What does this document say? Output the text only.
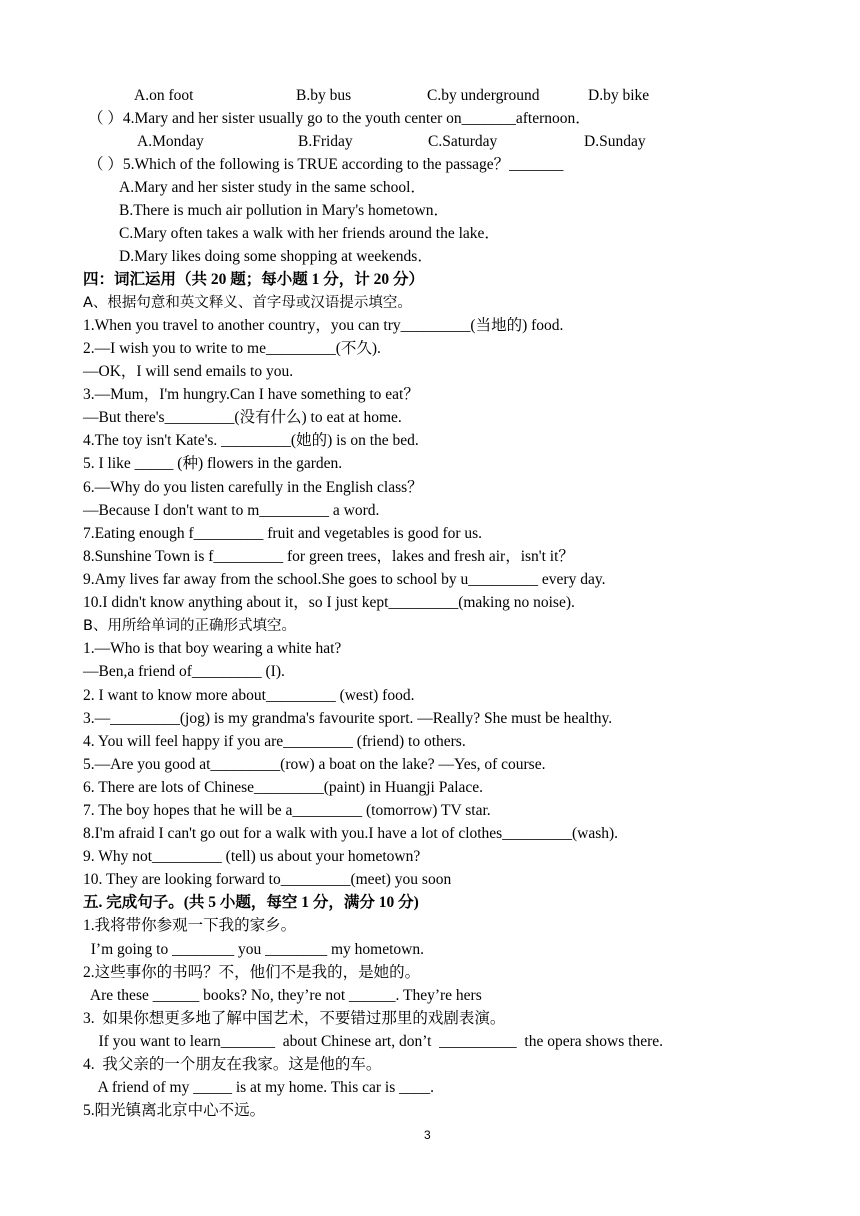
A.on foot	B.by bus	C.by underground	D.by bike
（ ）4.Mary and her sister usually go to the youth center on_______afternoon．
A.Monday	B.Friday	C.Saturday	D.Sunday
（ ）5.Which of the following is TRUE according to the passage？_______
A.Mary and her sister study in the same school．
B.There is much air pollution in Mary's hometown．
C.Mary often takes a walk with her friends around the lake．
D.Mary likes doing some shopping at weekends．
四：词汇运用（共 20 题；每小题 1 分，计 20 分）
A、根据句意和英文释义、首字母或汉语提示填空。
1.When you travel to another country，you can try_________(当地的) food.
2.—I wish you to write to me_________(不久).
—OK，I will send emails to you.
3.—Mum，I'm hungry.Can I have something to eat？
—But there's_________(没有什么) to eat at home.
4.The toy isn't Kate's. _________(她的) is on the bed.
5. I like _____ (种) flowers in the garden.
6.—Why do you listen carefully in the English class？
—Because I don't want to m_________ a word.
7.Eating enough f_________ fruit and vegetables is good for us.
8.Sunshine Town is f_________ for green trees，lakes and fresh air，isn't it？
9.Amy lives far away from the school.She goes to school by u_________ every day.
10.I didn't know anything about it，so I just kept_________(making no noise).
B、用所给单词的正确形式填空。
1.—Who is that boy wearing a white hat?
—Ben,a friend of_________ (I).
2. I want to know more about_________ (west) food.
3.—_________(jog) is my grandma's favourite sport. —Really? She must be healthy.
4. You will feel happy if you are_________ (friend) to others.
5.—Are you good at_________(row) a boat on the lake? —Yes, of course.
6. There are lots of Chinese_________(paint) in Huangji Palace.
7. The boy hopes that he will be a_________ (tomorrow) TV star.
8.I'm afraid I can't go out for a walk with you.I have a lot of clothes_________(wash).
9. Why not_________ (tell) us about your hometown?
10. They are looking forward to_________(meet) you soon
五. 完成句子。(共 5 小题，每空 1 分，满分 10 分)
1.我将带你参观一下我的家乡。
I’m going to ________ you ________ my hometown.
2.这些事你的书吗？不，他们不是我的，是她的。
Are these ______ books? No, they’re not ______. They’re hers
3.  如果你想更多地了解中国艺术，不要错过那里的戏剧表演。
If you want to learn_______  about Chinese art, don’t  __________  the opera shows there.
4.  我父亲的一个朋友在我家。这是他的车。
A friend of my _____ is at my home. This car is ____.
5.阳光镇离北京中心不远。
3
